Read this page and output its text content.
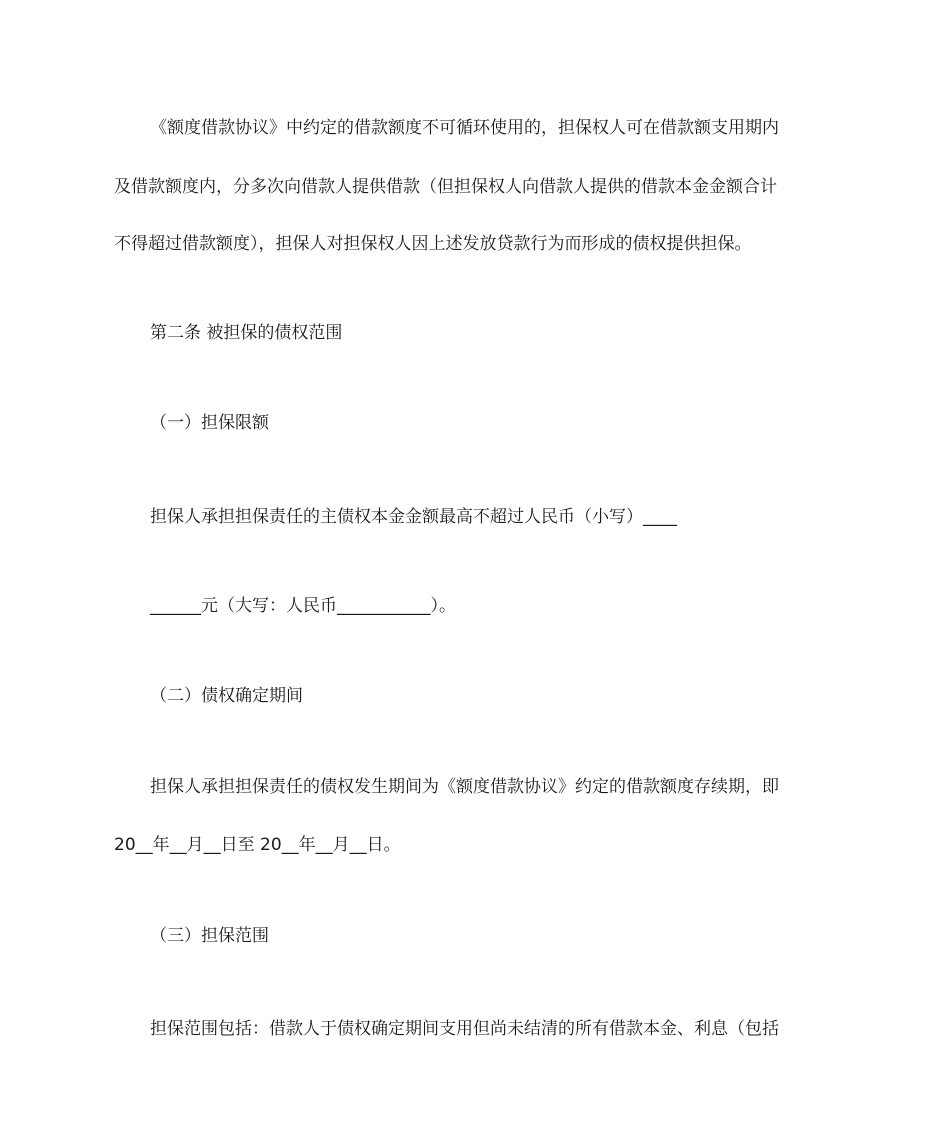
《额度借款协议》中约定的借款额度不可循环使用的，担保权人可在借款额支用期内
及借款额度内，分多次向借款人提供借款（但担保权人向借款人提供的借款本金金额合计
不得超过借款额度），担保人对担保权人因上述发放贷款行为而形成的债权提供担保。
第二条 被担保的债权范围
（一）担保限额
担保人承担担保责任的主债权本金金额最高不超过人民币（小写）____
______元（大写：人民币___________）。
（二）债权确定期间
担保人承担担保责任的债权发生期间为《额度借款协议》约定的借款额度存续期，即
20__年__月__日至 20__年__月__日。
（三）担保范围
担保范围包括：借款人于债权确定期间支用但尚未结清的所有借款本金、利息（包括
